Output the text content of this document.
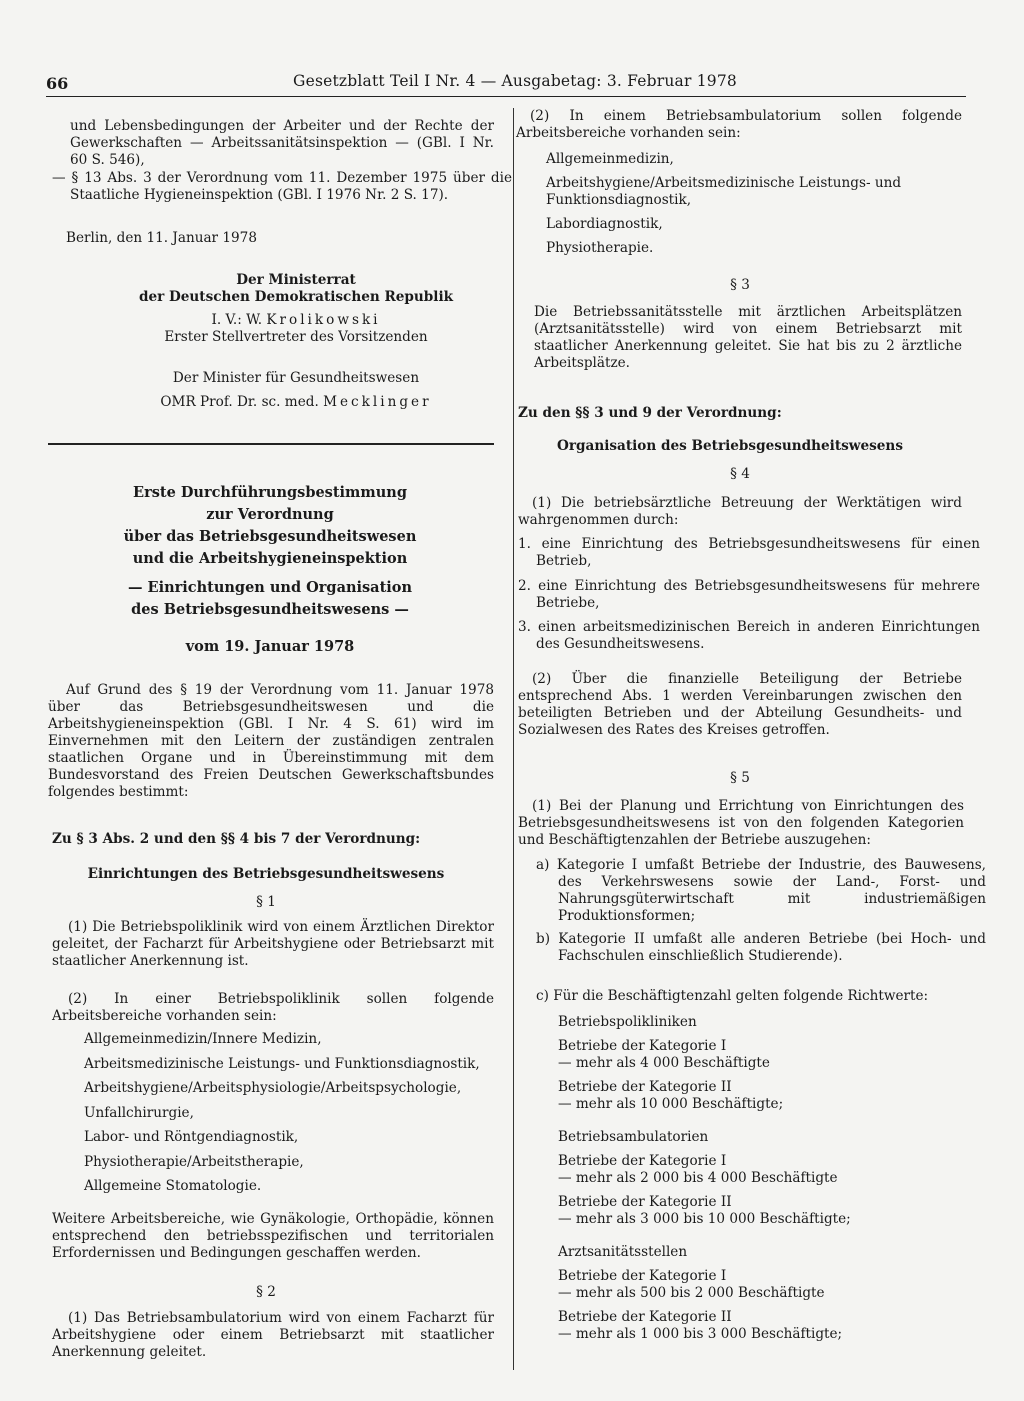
66	Gesetzblatt Teil I Nr. 4 — Ausgabetag: 3. Februar 1978
und Lebensbedingungen der Arbeiter und der Rechte der Gewerkschaften — Arbeitssanitätsinspektion — (GBl. I Nr. 60 S. 546),
— § 13 Abs. 3 der Verordnung vom 11. Dezember 1975 über die Staatliche Hygieneinspektion (GBl. I 1976 Nr. 2 S. 17).
Berlin, den 11. Januar 1978
Der Ministerrat
der Deutschen Demokratischen Republik
I. V.: W. Krolikowski
Erster Stellvertreter des Vorsitzenden
Der Minister für Gesundheitswesen
OMR Prof. Dr. sc. med. Mecklinger
Erste Durchführungsbestimmung
zur Verordnung
über das Betriebsgesundheitswesen
und die Arbeitshygieneinspektion
— Einrichtungen und Organisation
des Betriebsgesundheitswesens —
vom 19. Januar 1978
Auf Grund des § 19 der Verordnung vom 11. Januar 1978 über das Betriebsgesundheitswesen und die Arbeitshygieneinspektion (GBl. I Nr. 4 S. 61) wird im Einvernehmen mit den Leitern der zuständigen zentralen staatlichen Organe und in Übereinstimmung mit dem Bundesvorstand des Freien Deutschen Gewerkschaftsbundes folgendes bestimmt:
Zu § 3 Abs. 2 und den §§ 4 bis 7 der Verordnung:
Einrichtungen des Betriebsgesundheitswesens
§ 1
(1) Die Betriebspoliklinik wird von einem Ärztlichen Direktor geleitet, der Facharzt für Arbeitshygiene oder Betriebsarzt mit staatlicher Anerkennung ist.
(2) In einer Betriebspoliklinik sollen folgende Arbeitsbereiche vorhanden sein:
Allgemeinmedizin/Innere Medizin,
Arbeitsmedizinische Leistungs- und Funktionsdiagnostik,
Arbeitshygiene/Arbeitsphysiologie/Arbeitspsychologie,
Unfallchirurgie,
Labor- und Röntgendiagnostik,
Physiotherapie/Arbeitstherapie,
Allgemeine Stomatologie.
Weitere Arbeitsbereiche, wie Gynäkologie, Orthopädie, können entsprechend den betriebsspezifischen und territorialen Erfordernissen und Bedingungen geschaffen werden.
§ 2
(1) Das Betriebsambulatorium wird von einem Facharzt für Arbeitshygiene oder einem Betriebsarzt mit staatlicher Anerkennung geleitet.
(2) In einem Betriebsambulatorium sollen folgende Arbeitsbereiche vorhanden sein:
Allgemeinmedizin,
Arbeitshygiene/Arbeitsmedizinische Leistungs- und Funktionsdiagnostik,
Labordiagnostik,
Physiotherapie.
§ 3
Die Betriebssanitätsstelle mit ärztlichen Arbeitsplätzen (Arztsanitätsstelle) wird von einem Betriebsarzt mit staatlicher Anerkennung geleitet. Sie hat bis zu 2 ärztliche Arbeitsplätze.
Zu den §§ 3 und 9 der Verordnung:
Organisation des Betriebsgesundheitswesens
§ 4
(1) Die betriebsärztliche Betreuung der Werktätigen wird wahrgenommen durch:
1. eine Einrichtung des Betriebsgesundheitswesens für einen Betrieb,
2. eine Einrichtung des Betriebsgesundheitswesens für mehrere Betriebe,
3. einen arbeitsmedizinischen Bereich in anderen Einrichtungen des Gesundheitswesens.
(2) Über die finanzielle Beteiligung der Betriebe entsprechend Abs. 1 werden Vereinbarungen zwischen den beteiligten Betrieben und der Abteilung Gesundheits- und Sozialwesen des Rates des Kreises getroffen.
§ 5
(1) Bei der Planung und Errichtung von Einrichtungen des Betriebsgesundheitswesens ist von den folgenden Kategorien und Beschäftigtenzahlen der Betriebe auszugehen:
a) Kategorie I umfaßt Betriebe der Industrie, des Bauwesens, des Verkehrswesens sowie der Land-, Forst- und Nahrungsgüterwirtschaft mit industriemäßigen Produktionsformen;
b) Kategorie II umfaßt alle anderen Betriebe (bei Hoch- und Fachschulen einschließlich Studierende).
c) Für die Beschäftigtenzahl gelten folgende Richtwerte:
Betriebspolikliniken
Betriebe der Kategorie I
— mehr als 4 000 Beschäftigte
Betriebe der Kategorie II
— mehr als 10 000 Beschäftigte;
Betriebsambulatorien
Betriebe der Kategorie I
— mehr als 2 000 bis 4 000 Beschäftigte
Betriebe der Kategorie II
— mehr als 3 000 bis 10 000 Beschäftigte;
Arztsanitätsstellen
Betriebe der Kategorie I
— mehr als 500 bis 2 000 Beschäftigte
Betriebe der Kategorie II
— mehr als 1 000 bis 3 000 Beschäftigte;
